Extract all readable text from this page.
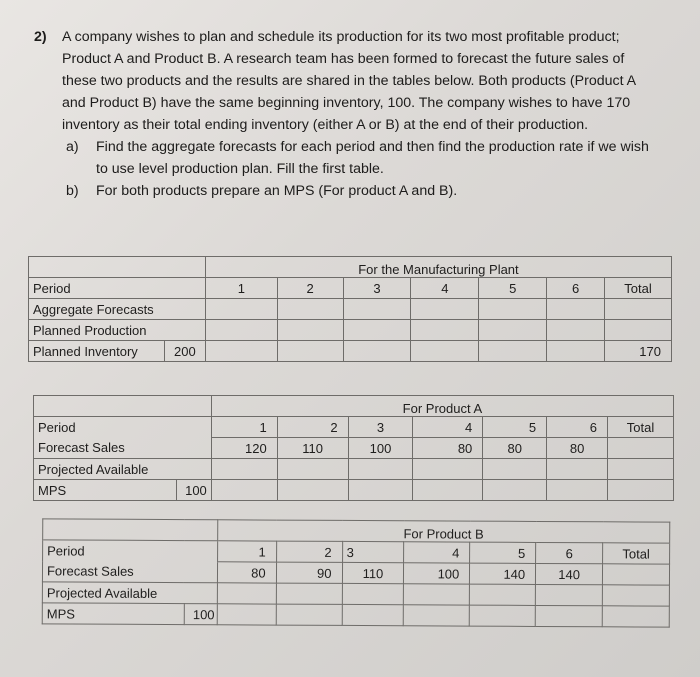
2)	A company wishes to plan and schedule its production for its two most profitable product;
Product A and Product B. A research team has been formed to forecast the future sales of
these two products and the results are shared in the tables below. Both products (Product A
and Product B) have the same beginning inventory, 100. The company wishes to have 170
inventory as their total ending inventory (either A or B) at the end of their production.
a)	Find the aggregate forecasts for each period and then find the production rate if we wish
to use level production plan. Fill the first table.
b)	For both products prepare an MPS (For product A and B).
		For the Manufacturing Plant						
Period		1	2	3	4	5	6	Total
Aggregate Forecasts								
Planned Production								
Planned Inventory	200							170
		For Product A						
Period		1	2	3	4	5	6	Total
Forecast Sales		120	110	100	80	80	80	
Projected Available								
MPS	100							
		For Product B						
Period		1	2	3	4	5	6	Total
Forecast Sales		80	90	110	100	140	140	
Projected Available								
MPS	100							
